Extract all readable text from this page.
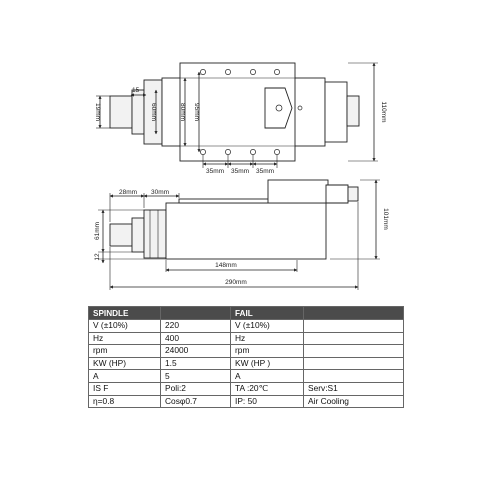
110mm
19mm
15
60mm	80mm 95mm
35mm 35mm 35mm
28mm 30mm
101mm
61mm
12
148mm
290mm
SPINDLE		FAIL	
V (±10%)	220	V (±10%)	
Hz	400	Hz	
rpm	24000	rpm	
KW (HP)	1.5	KW (HP )	
A	5	A	
IS F	Poli:2	TA :20℃	Serv:S1
η=0.8	Cosφ0.7	IP: 50	Air Cooling
